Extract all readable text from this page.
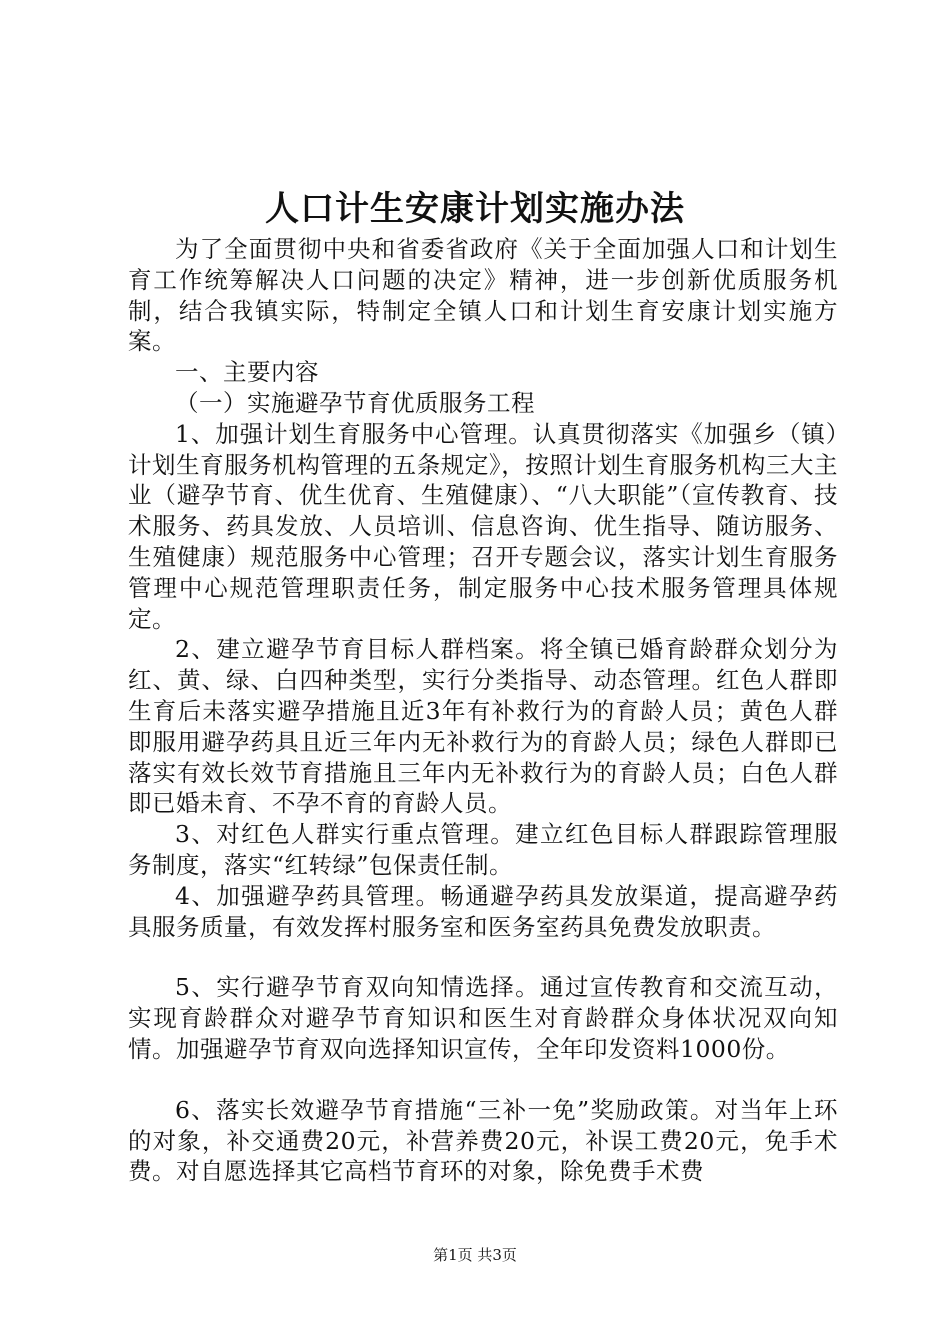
人口计生安康计划实施办法

为了全面贯彻中央和省委省政府《关于全面加强人口和计划生育工作统筹解决人口问题的决定》精神，进一步创新优质服务机制，结合我镇实际，特制定全镇人口和计划生育安康计划实施方案。

一、主要内容

（一）实施避孕节育优质服务工程

1、加强计划生育服务中心管理。认真贯彻落实《加强乡（镇）计划生育服务机构管理的五条规定》，按照计划生育服务机构三大主业（避孕节育、优生优育、生殖健康）、“八大职能”（宣传教育、技术服务、药具发放、人员培训、信息咨询、优生指导、随访服务、生殖健康）规范服务中心管理；召开专题会议，落实计划生育服务管理中心规范管理职责任务，制定服务中心技术服务管理具体规定。

2、建立避孕节育目标人群档案。将全镇已婚育龄群众划分为红、黄、绿、白四种类型，实行分类指导、动态管理。红色人群即生育后未落实避孕措施且近3年有补救行为的育龄人员；黄色人群即服用避孕药具且近三年内无补救行为的育龄人员；绿色人群即已落实有效长效节育措施且三年内无补救行为的育龄人员；白色人群即已婚未育、不孕不育的育龄人员。

3、对红色人群实行重点管理。建立红色目标人群跟踪管理服务制度，落实“红转绿”包保责任制。

4、加强避孕药具管理。畅通避孕药具发放渠道，提高避孕药具服务质量，有效发挥村服务室和医务室药具免费发放职责。

5、实行避孕节育双向知情选择。通过宣传教育和交流互动，实现育龄群众对避孕节育知识和医生对育龄群众身体状况双向知情。加强避孕节育双向选择知识宣传，全年印发资料1000份。

6、落实长效避孕节育措施“三补一免”奖励政策。对当年上环的对象，补交通费20元，补营养费20元，补误工费20元，免手术费。对自愿选择其它高档节育环的对象，除免费手术费

第1页 共3页
